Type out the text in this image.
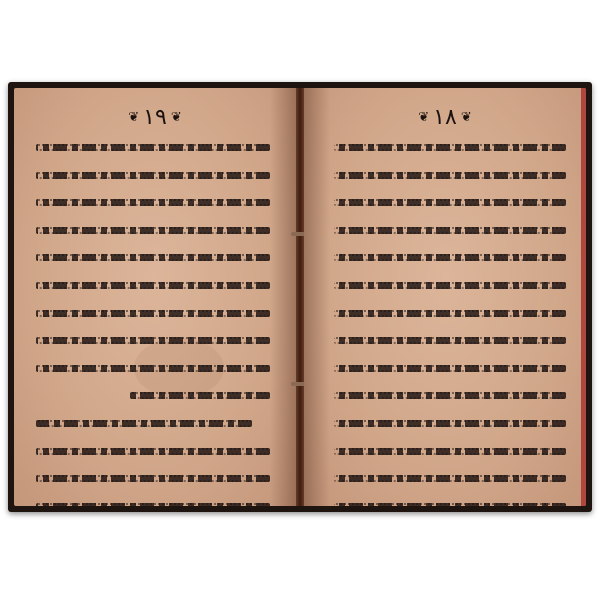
❦ ١٩ ❦	❦ ١٨ ❦
